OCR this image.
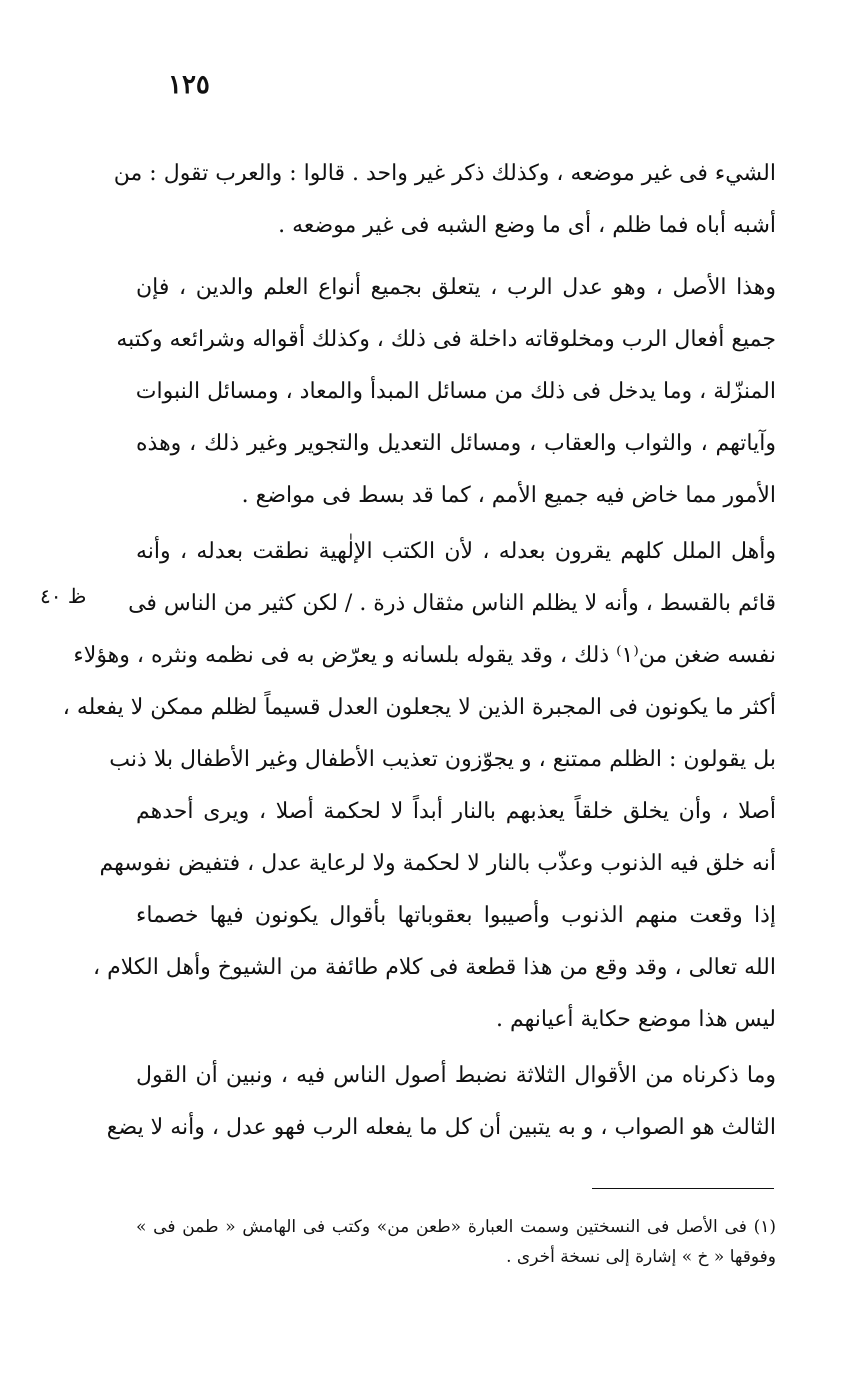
١٢٥
ظ ٤٠
الشيء فى غير موضعه ، وكذلك ذكر غير واحد . قالوا : والعرب تقول : من
أشبه أباه فما ظلم ، أى ما وضع الشبه فى غير موضعه .
وهذا الأصل ، وهو عدل الرب ، يتعلق بجميع أنواع العلم والدين ، فإن
جميع أفعال الرب ومخلوقاته داخلة فى ذلك ، وكذلك أقواله وشرائعه وكتبه
المنزّلة ، وما يدخل فى ذلك من مسائل المبدأ والمعاد ، ومسائل النبوات
وآياتهم ، والثواب والعقاب ، ومسائل التعديل والتجوير وغير ذلك ، وهذه
الأمور مما خاض فيه جميع الأمم ، كما قد بسط فى مواضع .
وأهل الملل كلهم يقرون بعدله ، لأن الكتب الإلٰهية نطقت بعدله ، وأنه
قائم بالقسط ، وأنه لا يظلم الناس مثقال ذرة . / لكن كثير من الناس فى
نفسه ضغن من⁽١⁾ ذلك ، وقد يقوله بلسانه و يعرّض به فى نظمه ونثره ، وهؤلاء
أكثر ما يكونون فى المجبرة الذين لا يجعلون العدل قسيماً لظلم ممكن لا يفعله ،
بل يقولون : الظلم ممتنع ، و يجوّزون تعذيب الأطفال وغير الأطفال بلا ذنب
أصلا ، وأن يخلق خلقاً يعذبهم بالنار أبداً لا لحكمة أصلا ، ويرى أحدهم
أنه خلق فيه الذنوب وعذّب بالنار لا لحكمة ولا لرعاية عدل ، فتفيض نفوسهم
إذا وقعت منهم الذنوب وأصيبوا بعقوباتها بأقوال يكونون فيها خصماء
الله تعالى ، وقد وقع من هذا قطعة فى كلام طائفة من الشيوخ وأهل الكلام ،
ليس هذا موضع حكاية أعيانهم .
وما ذكرناه من الأقوال الثلاثة نضبط أصول الناس فيه ، ونبين أن القول
الثالث هو الصواب ، و به يتبين أن كل ما يفعله الرب فهو عدل ، وأنه لا يضع
(١) فى الأصل فى النسختين وسمت العبارة «طعن من» وكتب فى الهامش « طمن فى »
وفوقها « خ » إشارة إلى نسخة أخرى .
